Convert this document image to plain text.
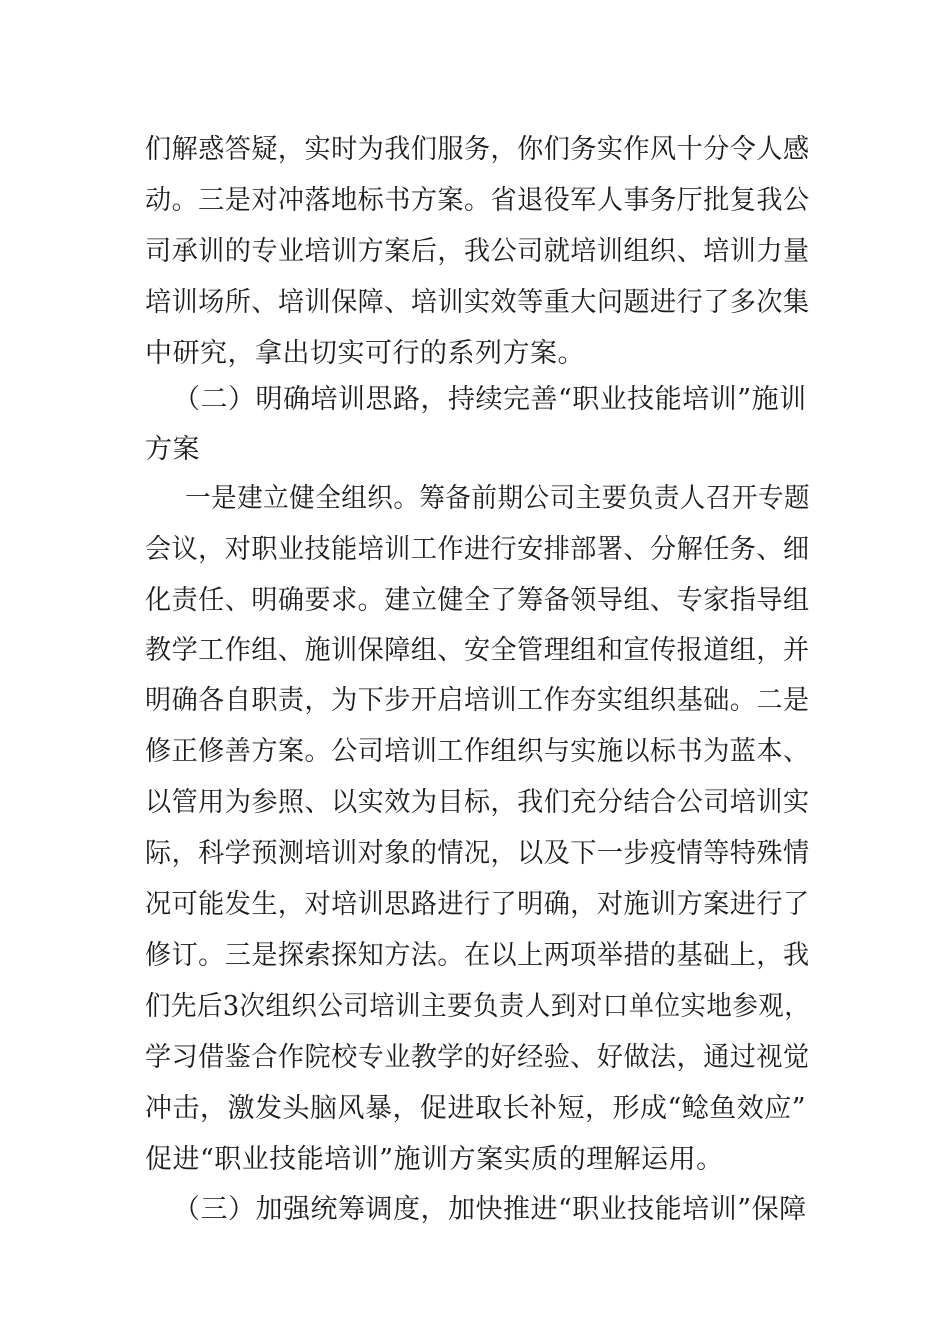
们解惑答疑，实时为我们服务，你们务实作风十分令人感
动。三是对冲落地标书方案。省退役军人事务厅批复我公
司承训的专业培训方案后，我公司就培训组织、培训力量
培训场所、培训保障、培训实效等重大问题进行了多次集
中研究，拿出切实可行的系列方案。
（二）明确培训思路，持续完善“职业技能培训”施训
方案
一是建立健全组织。筹备前期公司主要负责人召开专题
会议，对职业技能培训工作进行安排部署、分解任务、细
化责任、明确要求。建立健全了筹备领导组、专家指导组
教学工作组、施训保障组、安全管理组和宣传报道组，并
明确各自职责，为下步开启培训工作夯实组织基础。二是
修正修善方案。公司培训工作组织与实施以标书为蓝本、
以管用为参照、以实效为目标，我们充分结合公司培训实
际，科学预测培训对象的情况，以及下一步疫情等特殊情
况可能发生，对培训思路进行了明确，对施训方案进行了
修订。三是探索探知方法。在以上两项举措的基础上，我
们先后3次组织公司培训主要负责人到对口单位实地参观，
学习借鉴合作院校专业教学的好经验、好做法，通过视觉
冲击，激发头脑风暴，促进取长补短，形成“鲶鱼效应”
促进“职业技能培训”施训方案实质的理解运用。
（三）加强统筹调度，加快推进“职业技能培训”保障
